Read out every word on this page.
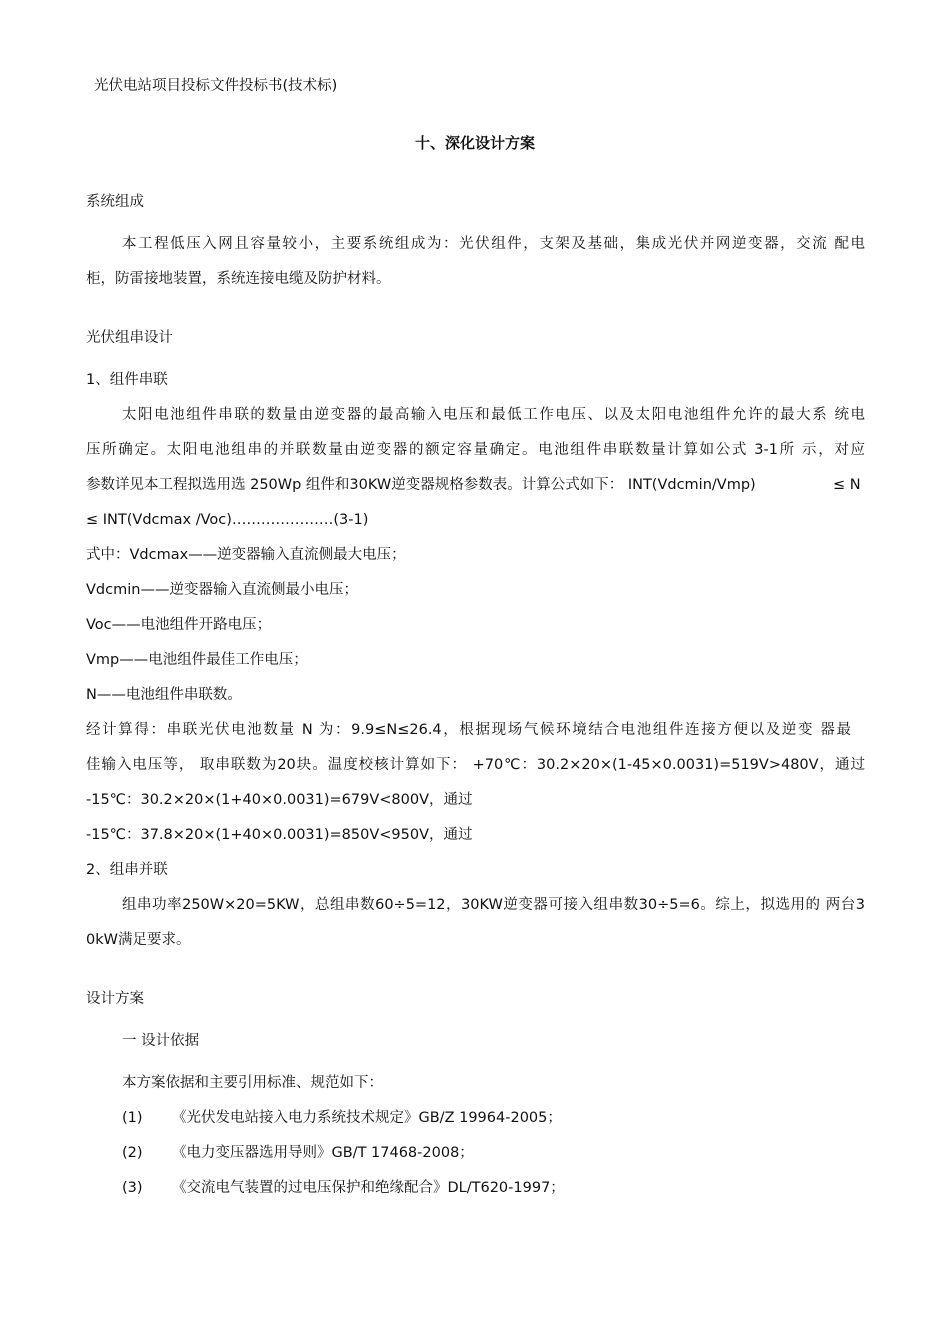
光伏电站项目投标文件投标书(技术标)
十、深化设计方案
系统组成
本工程低压入网且容量较小，主要系统组成为：光伏组件，支架及基础，集成光伏并网逆变器，交流 配电
柜，防雷接地装置，系统连接电缆及防护材料。
光伏组串设计
1、组件串联
太阳电池组件串联的数量由逆变器的最高输入电压和最低工作电压、以及太阳电池组件允许的最大系 统电
压所确定。太阳电池组串的并联数量由逆变器的额定容量确定。电池组件串联数量计算如公式 3-1所 示，对应
参数详见本工程拟选用选 250Wp 组件和30KW逆变器规格参数表。计算公式如下： INT(Vdcmin/Vmp)	≤ N
≤ INT(Vdcmax /Voc)…………………(3-1)
式中：Vdcmax——逆变器输入直流侧最大电压；
Vdcmin——逆变器输入直流侧最小电压；
Voc——电池组件开路电压；
Vmp——电池组件最佳工作电压；
N——电池组件串联数。
经计算得：串联光伏电池数量 N 为：9.9≤N≤26.4，根据现场气候环境结合电池组件连接方便以及逆变 器最
佳输入电压等， 取串联数为20块。温度校核计算如下： +70℃：30.2×20×(1-45×0.0031)=519V>480V，通过
-15℃：30.2×20×(1+40×0.0031)=679V<800V，通过
-15℃：37.8×20×(1+40×0.0031)=850V<950V，通过
2、组串并联
组串功率250W×20=5KW，总组串数60÷5=12，30KW逆变器可接入组串数30÷5=6。综上，拟选用的 两台3
0kW满足要求。
设计方案
一 设计依据
本方案依据和主要引用标准、规范如下：
(1) 《光伏发电站接入电力系统技术规定》GB/Z 19964-2005；
(2) 《电力变压器选用导则》GB/T 17468-2008；
(3) 《交流电气装置的过电压保护和绝缘配合》DL/T620-1997；
